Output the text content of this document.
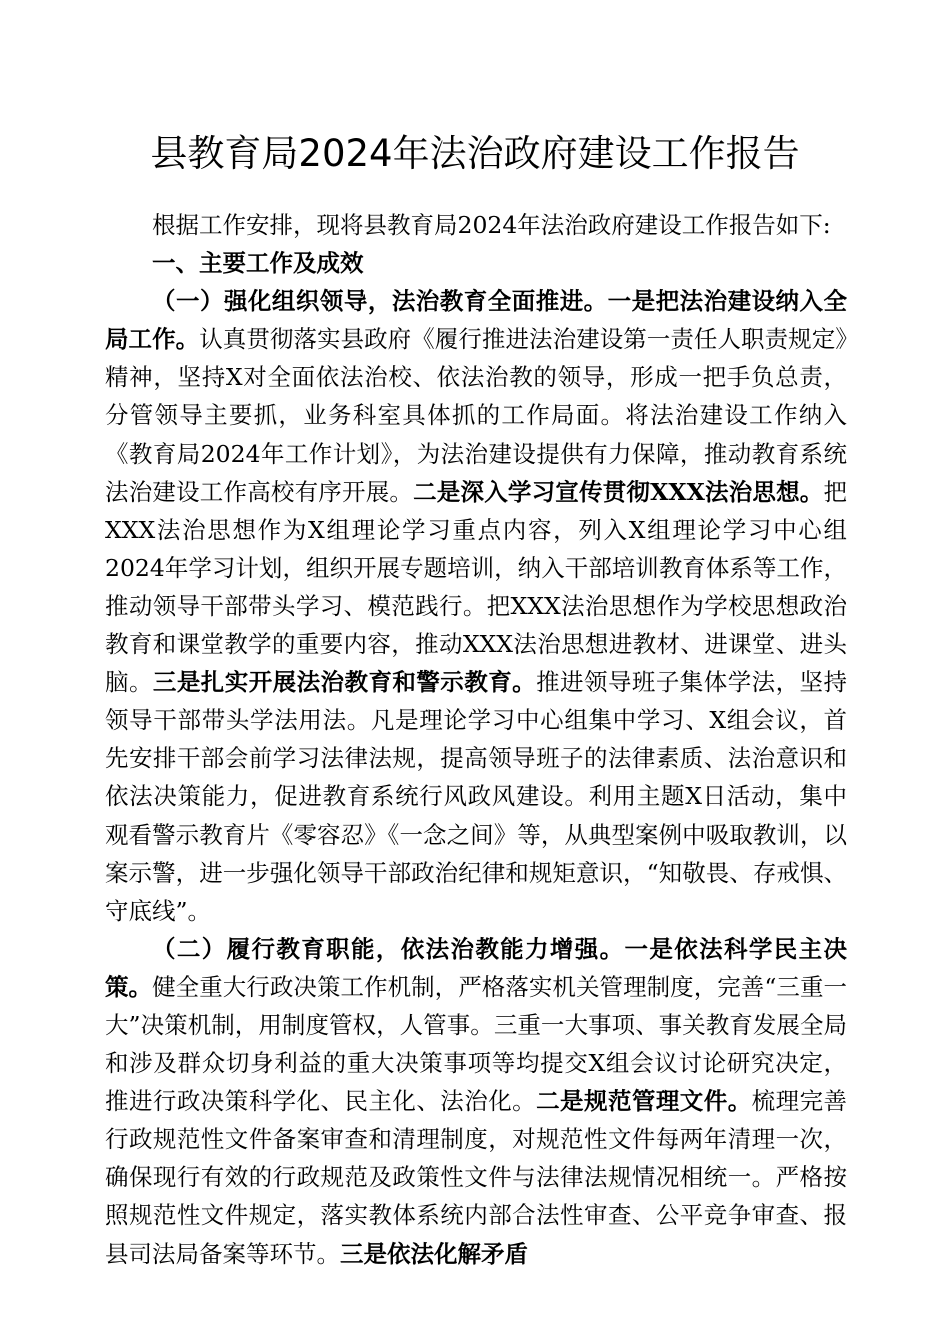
县教育局2024年法治政府建设工作报告

根据工作安排，现将县教育局2024年法治政府建设工作报告如下:

一、主要工作及成效

（一）强化组织领导，法治教育全面推进。一是把法治建设纳入全局工作。认真贯彻落实县政府《履行推进法治建设第一责任人职责规定》精神，坚持X对全面依法治校、依法治教的领导，形成一把手负总责，分管领导主要抓，业务科室具体抓的工作局面。将法治建设工作纳入《教育局2024年工作计划》，为法治建设提供有力保障，推动教育系统法治建设工作高校有序开展。二是深入学习宣传贯彻XXX法治思想。把XXX法治思想作为X组理论学习重点内容，列入X组理论学习中心组2024年学习计划，组织开展专题培训，纳入干部培训教育体系等工作，推动领导干部带头学习、模范践行。把XXX法治思想作为学校思想政治教育和课堂教学的重要内容，推动XXX法治思想进教材、进课堂、进头脑。三是扎实开展法治教育和警示教育。推进领导班子集体学法，坚持领导干部带头学法用法。凡是理论学习中心组集中学习、X组会议，首先安排干部会前学习法律法规，提高领导班子的法律素质、法治意识和依法决策能力，促进教育系统行风政风建设。利用主题X日活动，集中观看警示教育片《零容忍》《一念之间》等，从典型案例中吸取教训，以案示警，进一步强化领导干部政治纪律和规矩意识，“知敬畏、存戒惧、守底线”。

（二）履行教育职能，依法治教能力增强。一是依法科学民主决策。健全重大行政决策工作机制，严格落实机关管理制度，完善“三重一大”决策机制，用制度管权，人管事。三重一大事项、事关教育发展全局和涉及群众切身利益的重大决策事项等均提交X组会议讨论研究决定，推进行政决策科学化、民主化、法治化。二是规范管理文件。梳理完善行政规范性文件备案审查和清理制度，对规范性文件每两年清理一次，确保现行有效的行政规范及政策性文件与法律法规情况相统一。严格按照规范性文件规定，落实教体系统内部合法性审查、公平竞争审查、报县司法局备案等环节。三是依法化解矛盾
